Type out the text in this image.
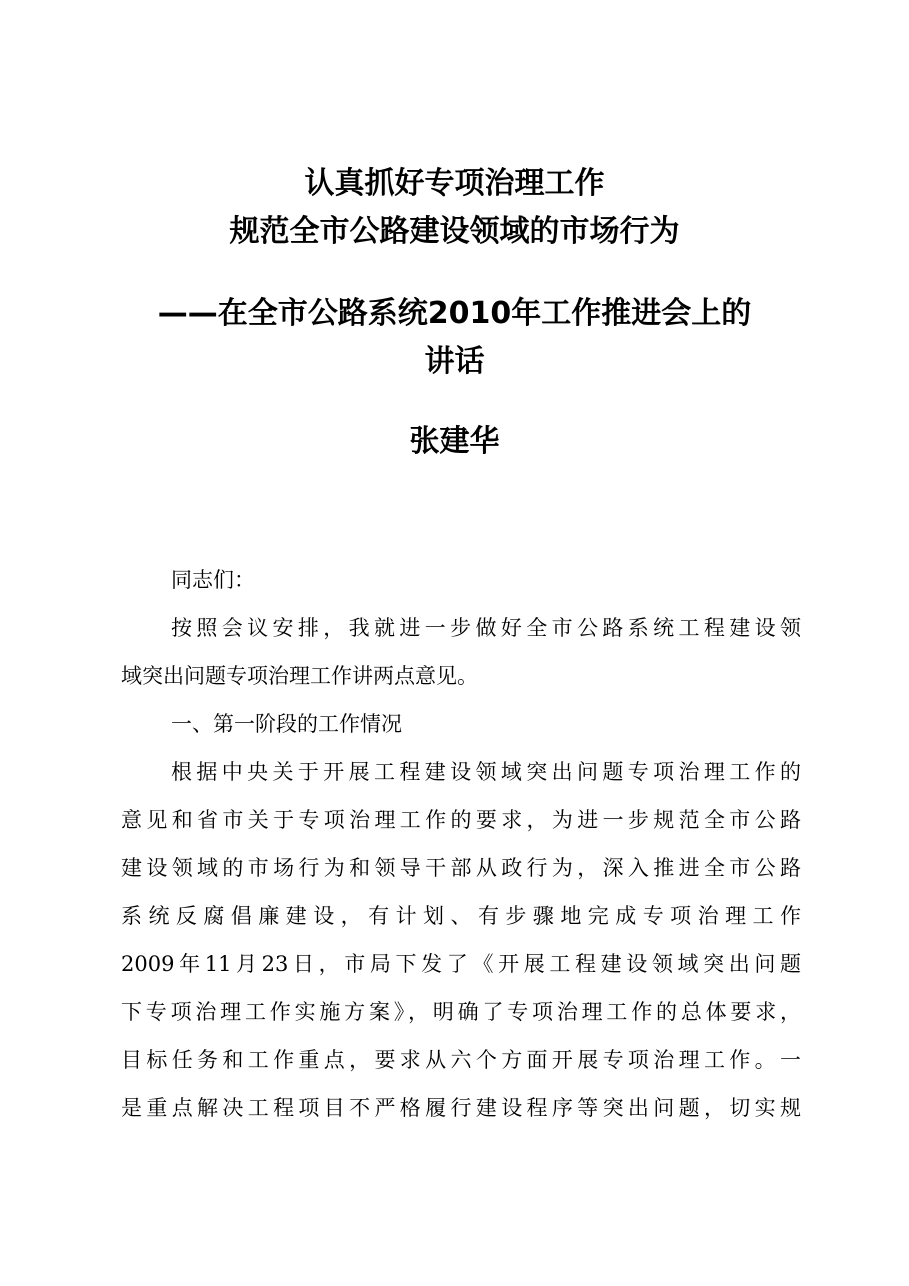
认真抓好专项治理工作
规范全市公路建设领域的市场行为
——在全市公路系统2010年工作推进会上的
讲话
张建华
同志们：
按照会议安排，我就进一步做好全市公路系统工程建设领
域突出问题专项治理工作讲两点意见。
一、第一阶段的工作情况
根据中央关于开展工程建设领域突出问题专项治理工作的
意见和省市关于专项治理工作的要求，为进一步规范全市公路
建设领域的市场行为和领导干部从政行为，深入推进全市公路
系统反腐倡廉建设，有计划、有步骤地完成专项治理工作
2009年11月23日，市局下发了《开展工程建设领域突出问题
下专项治理工作实施方案》，明确了专项治理工作的总体要求，
目标任务和工作重点，要求从六个方面开展专项治理工作。一
是重点解决工程项目不严格履行建设程序等突出问题，切实规
